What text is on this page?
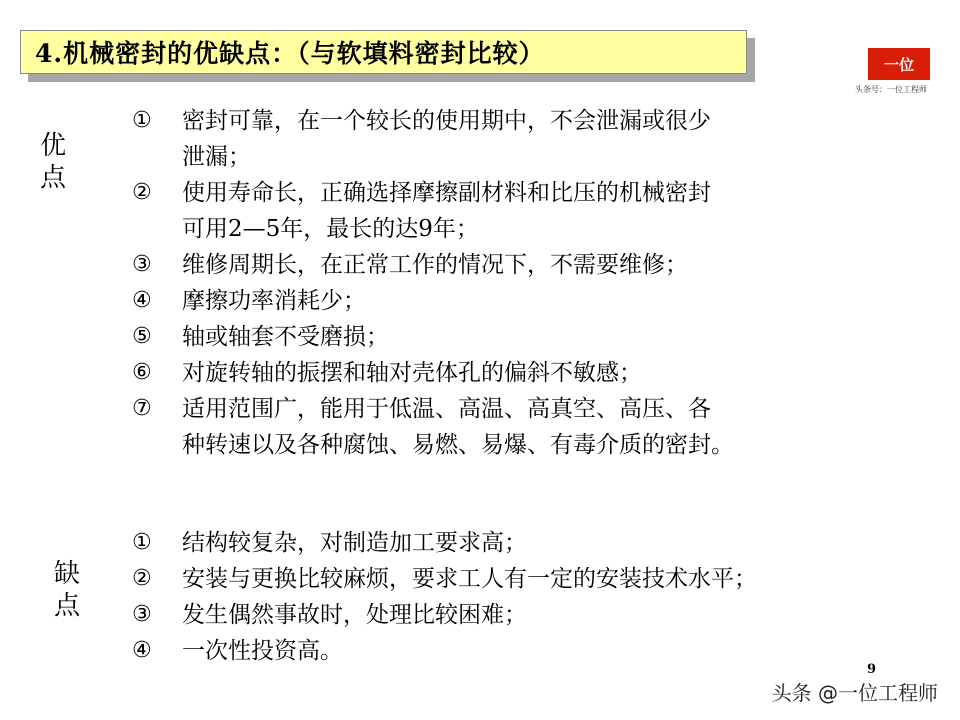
4.机械密封的优缺点：（与软填料密封比较）	一位
头条号：一位工程师
优
点
①	密封可靠，在一个较长的使用期中，不会泄漏或很少
泄漏；
②	使用寿命长，正确选择摩擦副材料和比压的机械密封
可用2—5年，最长的达9年；
③	维修周期长，在正常工作的情况下，不需要维修；
④	摩擦功率消耗少；
⑤	轴或轴套不受磨损；
⑥	对旋转轴的振摆和轴对壳体孔的偏斜不敏感；
⑦	适用范围广，能用于低温、高温、高真空、高压、各
种转速以及各种腐蚀、易燃、易爆、有毒介质的密封。
缺
点
①	结构较复杂，对制造加工要求高；
②	安装与更换比较麻烦，要求工人有一定的安装技术水平；
③	发生偶然事故时，处理比较困难；
④	一次性投资高。
9
头条 @一位工程师
